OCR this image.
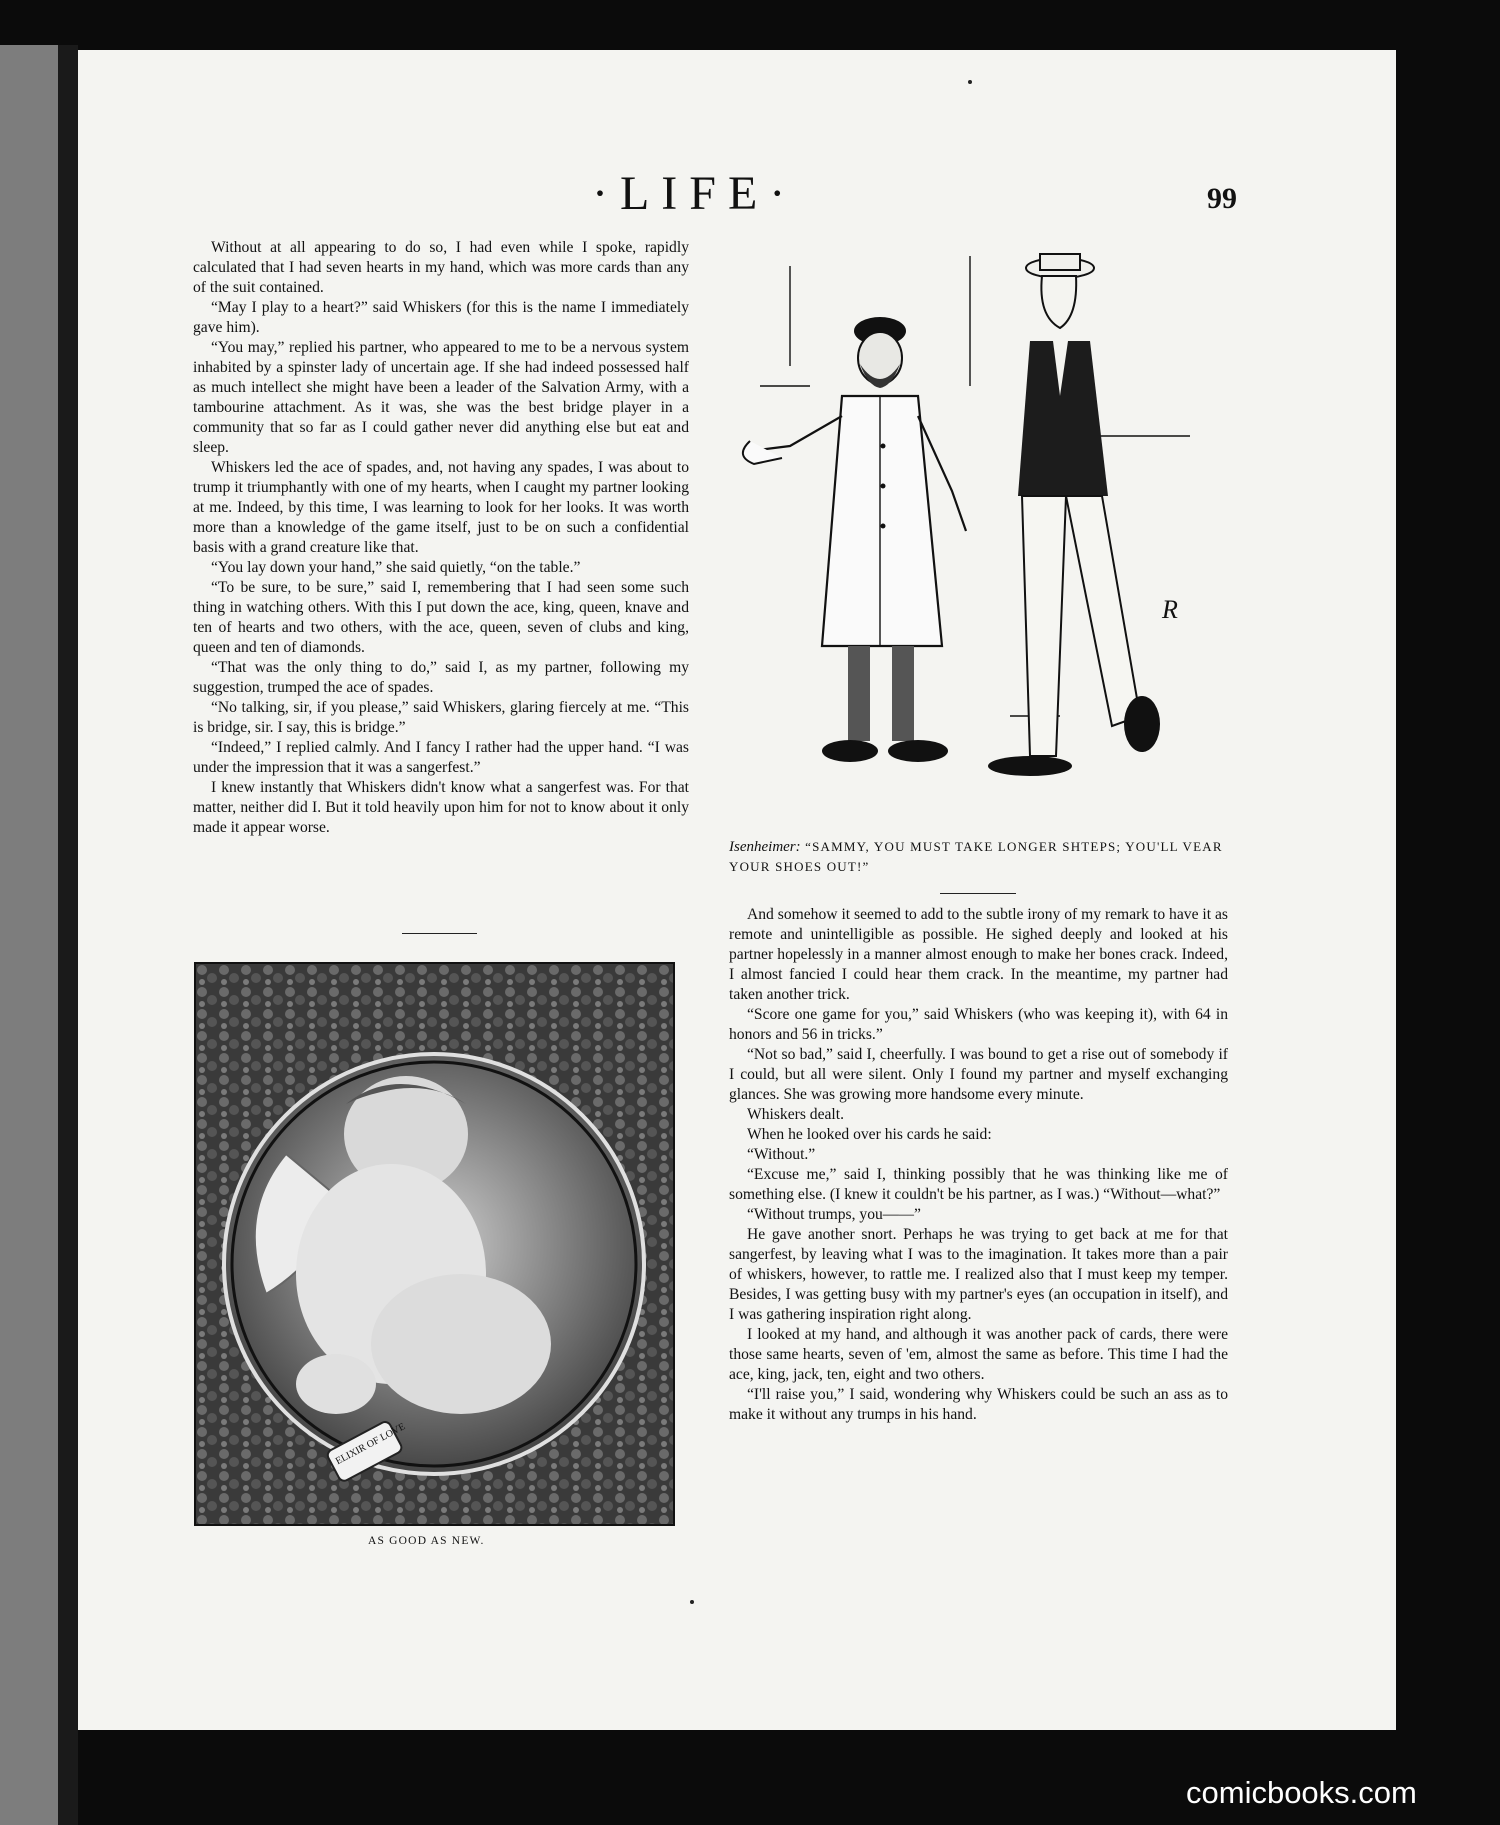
·LIFE·	99

Without at all appearing to do so, I had even while I spoke, rapidly calculated that I had seven hearts in my hand, which was more cards than any of the suit contained.

“May I play to a heart?” said Whiskers (for this is the name I immediately gave him).

“You may,” replied his partner, who appeared to me to be a nervous system inhabited by a spinster lady of uncertain age. If she had indeed possessed half as much intellect she might have been a leader of the Salvation Army, with a tambourine attachment. As it was, she was the best bridge player in a community that so far as I could gather never did anything else but eat and sleep.

Whiskers led the ace of spades, and, not having any spades, I was about to trump it triumphantly with one of my hearts, when I caught my partner looking at me. Indeed, by this time, I was learning to look for her looks. It was worth more than a knowledge of the game itself, just to be on such a confidential basis with a grand creature like that.

“You lay down your hand,” she said quietly, “on the table.”

“To be sure, to be sure,” said I, remembering that I had seen some such thing in watching others. With this I put down the ace, king, queen, knave and ten of hearts and two others, with the ace, queen, seven of clubs and king, queen and ten of diamonds.

“That was the only thing to do,” said I, as my partner, following my suggestion, trumped the ace of spades.

“No talking, sir, if you please,” said Whiskers, glaring fiercely at me. “This is bridge, sir. I say, this is bridge.”

“Indeed,” I replied calmly. And I fancy I rather had the upper hand. “I was under the impression that it was a sangerfest.”

I knew instantly that Whiskers didn't know what a sangerfest was. For that matter, neither did I. But it told heavily upon him for not to know about it only made it appear worse.

R
Isenheimer: “SAMMY, YOU MUST TAKE LONGER SHTEPS; YOU'LL VEAR YOUR SHOES OUT!”

And somehow it seemed to add to the subtle irony of my remark to have it as remote and unintelligible as possible. He sighed deeply and looked at his partner hopelessly in a manner almost enough to make her bones crack. Indeed, I almost fancied I could hear them crack. In the meantime, my partner had taken another trick.

“Score one game for you,” said Whiskers (who was keeping it), with 64 in honors and 56 in tricks.”

“Not so bad,” said I, cheerfully. I was bound to get a rise out of somebody if I could, but all were silent. Only I found my partner and myself exchanging glances. She was growing more handsome every minute.

Whiskers dealt.

When he looked over his cards he said:

“Without.”

“Excuse me,” said I, thinking possibly that he was thinking like me of something else. (I knew it couldn't be his partner, as I was.) “Without—what?”

“Without trumps, you——”

He gave another snort. Perhaps he was trying to get back at me for that sangerfest, by leaving what I was to the imagination. It takes more than a pair of whiskers, however, to rattle me. I realized also that I must keep my temper. Besides, I was getting busy with my partner's eyes (an occupation in itself), and I was gathering inspiration right along.

I looked at my hand, and although it was another pack of cards, there were those same hearts, seven of 'em, almost the same as before. This time I had the ace, king, jack, ten, eight and two others.

“I'll raise you,” I said, wondering why Whiskers could be such an ass as to make it without any trumps in his hand.

ELIXIR OF LOVE
AS GOOD AS NEW.
comicbooks.com
